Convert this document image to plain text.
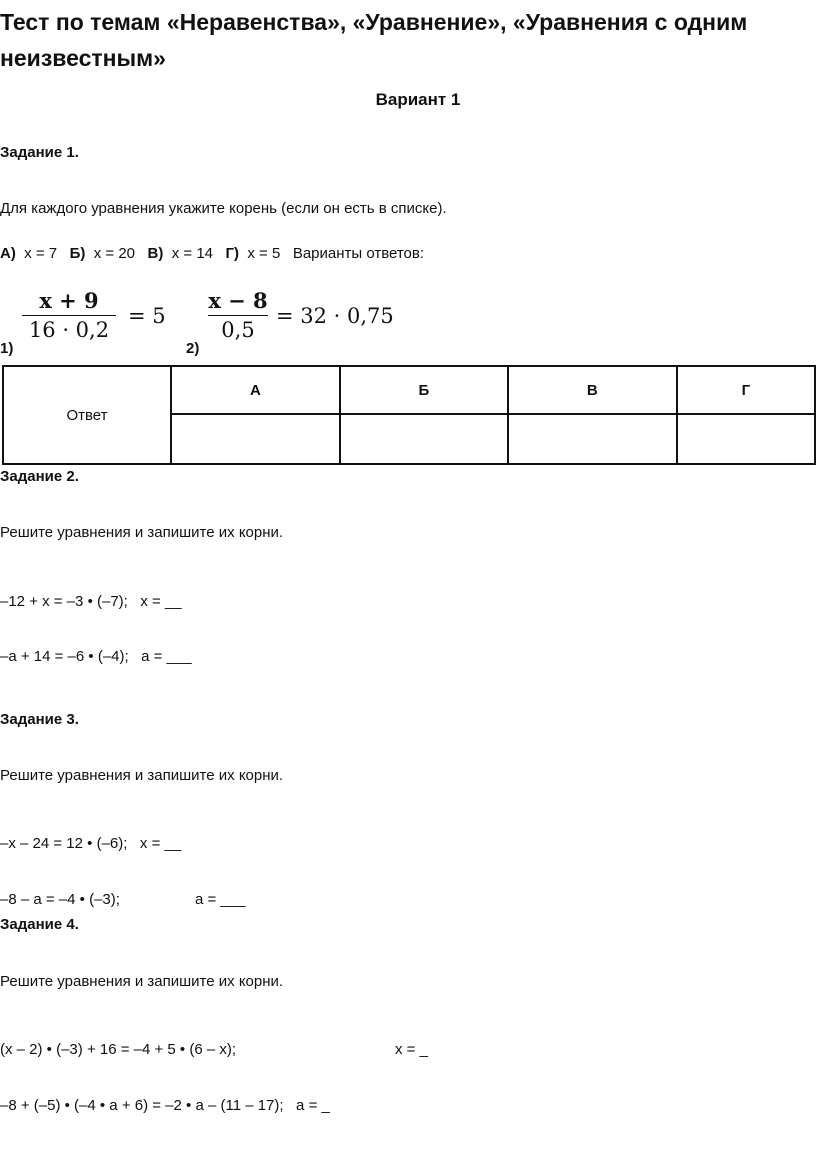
Тест по темам «Неравенства», «Уравнение», «Уравнения с одним неизвестным»
Вариант 1
Задание 1.
Для каждого уравнения укажите корень (если он есть в списке).
А) x = 7 Б) x = 20 В) x = 14 Г) x = 5 Варианты ответов:
x + 9
16 · 0,2
= 5
1)
x − 8
0,5
= 32 · 0,75
2)
Ответ	А	Б	В	Г

Задание 2.
Решите уравнения и запишите их корни.
–12 + x = –3 • (–7);   x = __
–a + 14 = –6 • (–4);   a = ___
Задание 3.
Решите уравнения и запишите их корни.
–x – 24 = 12 • (–6);   x = __
–8 – a = –4 • (–3);	a = ___
Задание 4.
Решите уравнения и запишите их корни.
(x – 2) • (–3) + 16 = –4 + 5 • (6 – x);	x = _
–8 + (–5) • (–4 • a + 6) = –2 • a – (11 – 17);   a = _
